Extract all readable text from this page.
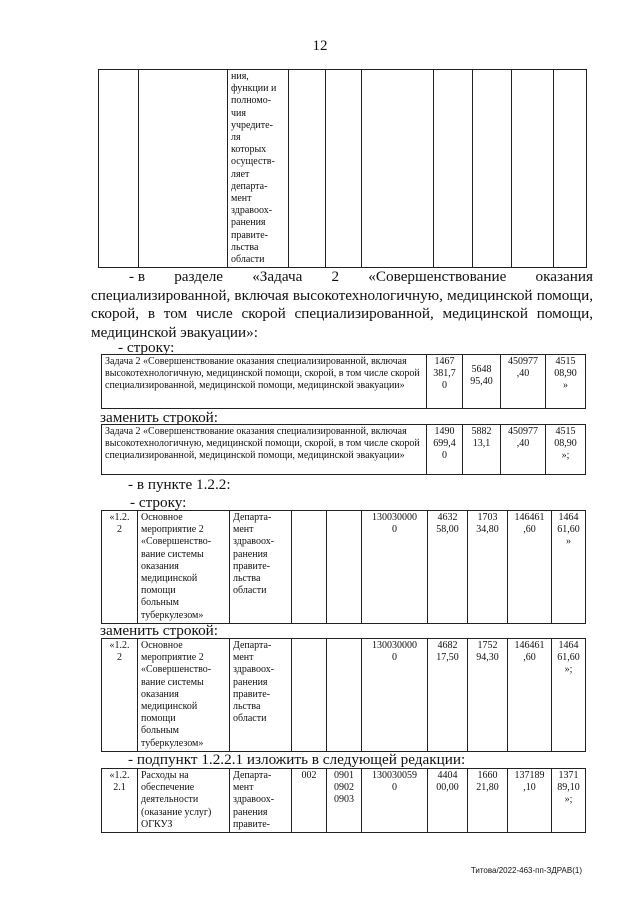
12
		ния,
функции и
полномо-
чия
учредите-
ля
которых
осуществ-
ляет
департа-
мент
здравоох-
ранения
правите-
льства
области							
- в разделе «Задача 2 «Совершенствование оказания
специализированной, включая высокотехнологичную, медицинской помощи,
скорой, в том числе скорой специализированной, медицинской помощи,
медицинской эвакуации»:
- строку:
Задача 2 «Совершенствование оказания специализированной, включая высокотехнологичную, медицинской помощи, скорой, в том числе скорой специализированной, медицинской помощи, медицинской эвакуации»	1467
381,7
0	5648
95,40	450977
,40	4515
08,90
»
заменить строкой:
Задача 2 «Совершенствование оказания специализированной, включая высокотехнологичную, медицинской помощи, скорой, в том числе скорой специализированной, медицинской помощи, медицинской эвакуации»	1490
699,4
0	5882
13,1	450977
,40	4515
08,90
»;
- в пункте 1.2.2:
- строку:
«1.2.
2	Основное
мероприятие 2
«Совершенство-
вание системы
оказания
медицинской
помощи
больным
туберкулезом»	Департа-
мент
здравоох-
ранения
правите-
льства
области			130030000
0	4632
58,00	1703
34,80	146461
,60	1464
61,60
»
заменить строкой:
«1.2.
2	Основное
мероприятие 2
«Совершенство-
вание системы
оказания
медицинской
помощи
больным
туберкулезом»	Департа-
мент
здравоох-
ранения
правите-
льства
области			130030000
0	4682
17,50	1752
94,30	146461
,60	1464
61,60
»;
- подпункт 1.2.2.1 изложить в следующей редакции:
«1.2.
2.1	Расходы на
обеспечение
деятельности
(оказание услуг)
ОГКУЗ	Департа-
мент
здравоох-
ранения
правите-	002	0901
0902
0903	130030059
0	4404
00,00	1660
21,80	137189
,10	1371
89,10
»;
Титова/2022-463-пп-ЗДРАВ(1)
